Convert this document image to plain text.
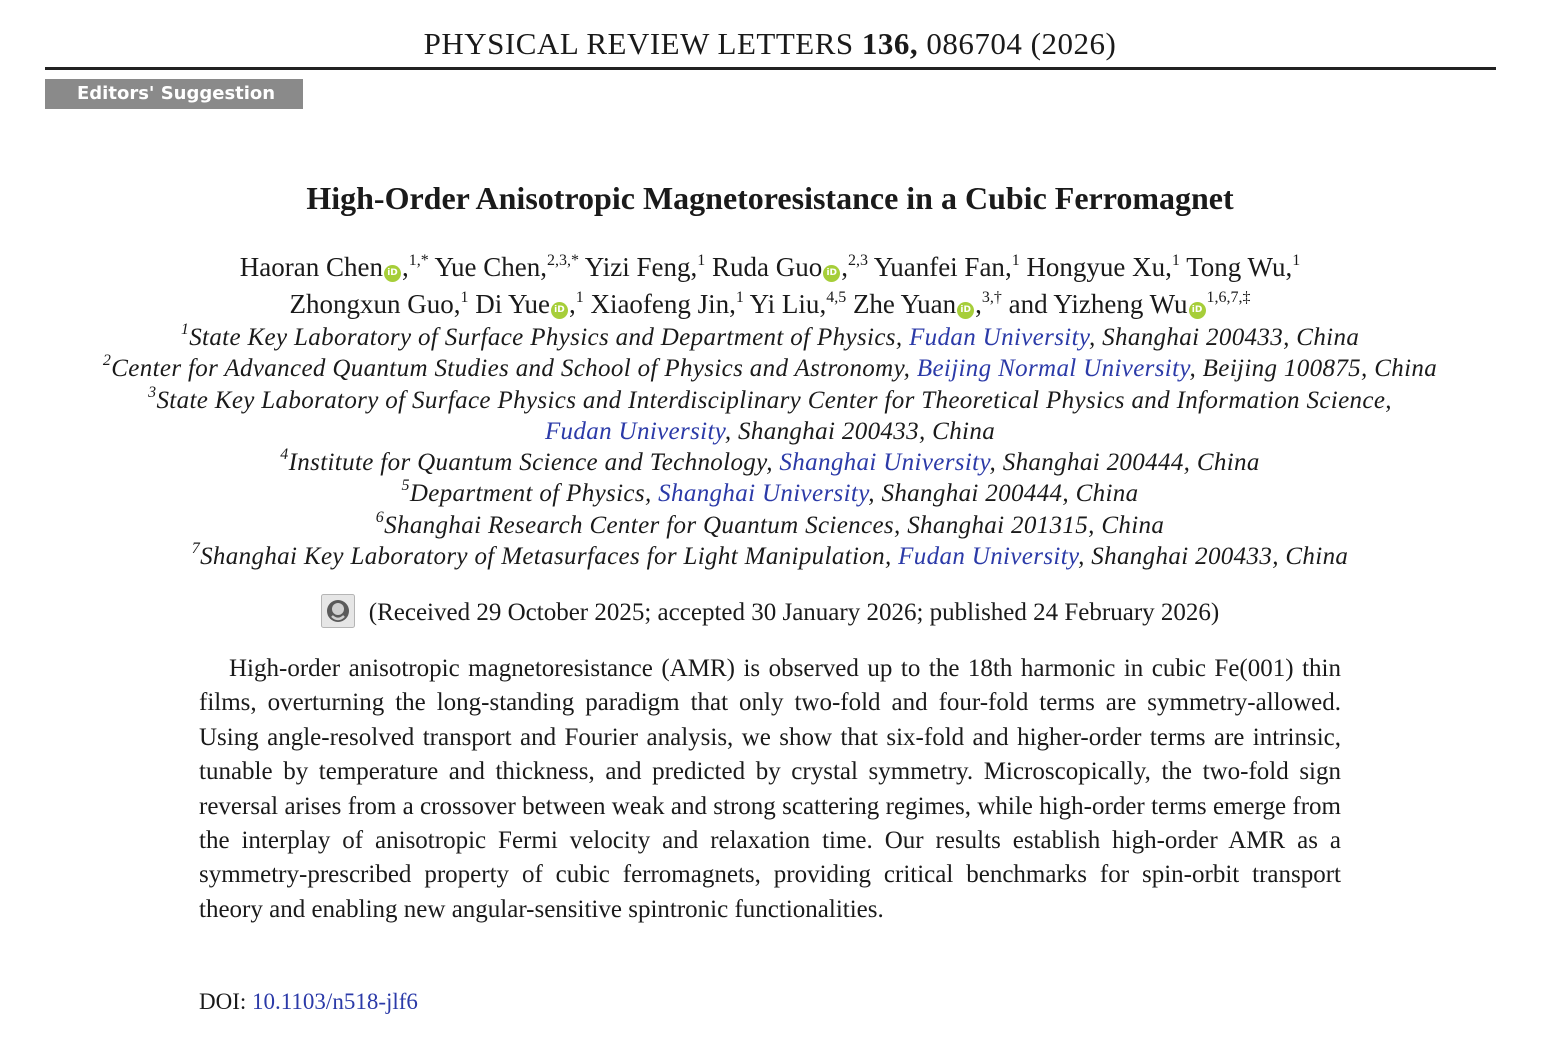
PHYSICAL REVIEW LETTERS 136, 086704 (2026)
Editors' Suggestion
High-Order Anisotropic Magnetoresistance in a Cubic Ferromagnet
Haoran Chen iD ,$^{1,*}$ Yue Chen,$^{2,3,*}$ Yizi Feng,$^1$ Ruda Guo iD ,$^{2,3}$ Yuanfei Fan,$^1$ Hongyue Xu,$^1$ Tong Wu,$^1$
Zhongxun Guo,$^1$ Di Yue iD ,$^1$ Xiaofeng Jin,$^1$ Yi Liu,$^{4,5}$ Zhe Yuan iD ,$^{3,\dagger}$ and Yizheng Wu $iD^{1,6,7,\ddagger}$
$^1$State Key Laboratory of Surface Physics and Department of Physics, Fudan University, Shanghai 200433, China
$^2$Center for Advanced Quantum Studies and School of Physics and Astronomy, Beijing Normal University, Beijing 100875, China
$^3$State Key Laboratory of Surface Physics and Interdisciplinary Center for Theoretical Physics and Information Science,
Fudan University, Shanghai 200433, China
$^4$Institute for Quantum Science and Technology, Shanghai University, Shanghai 200444, China
$^5$Department of Physics, Shanghai University, Shanghai 200444, China
$^6$Shanghai Research Center for Quantum Sciences, Shanghai 201315, China
$^7$Shanghai Key Laboratory of Metasurfaces for Light Manipulation, Fudan University, Shanghai 200433, China
(Received 29 October 2025; accepted 30 January 2026; published 24 February 2026)
High-order anisotropic magnetoresistance (AMR) is observed up to the 18th harmonic in cubic Fe(001) thin films, overturning the long-standing paradigm that only two-fold and four-fold terms are symmetry-allowed. Using angle-resolved transport and Fourier analysis, we show that six-fold and higher-order terms are intrinsic, tunable by temperature and thickness, and predicted by crystal symmetry. Microscopically, the two-fold sign reversal arises from a crossover between weak and strong scattering regimes, while high-order terms emerge from the interplay of anisotropic Fermi velocity and relaxation time. Our results establish high-order AMR as a symmetry-prescribed property of cubic ferromagnets, providing critical benchmarks for spin-orbit transport theory and enabling new angular-sensitive spintronic functionalities.
DOI: 10.1103/n518-jlf6
